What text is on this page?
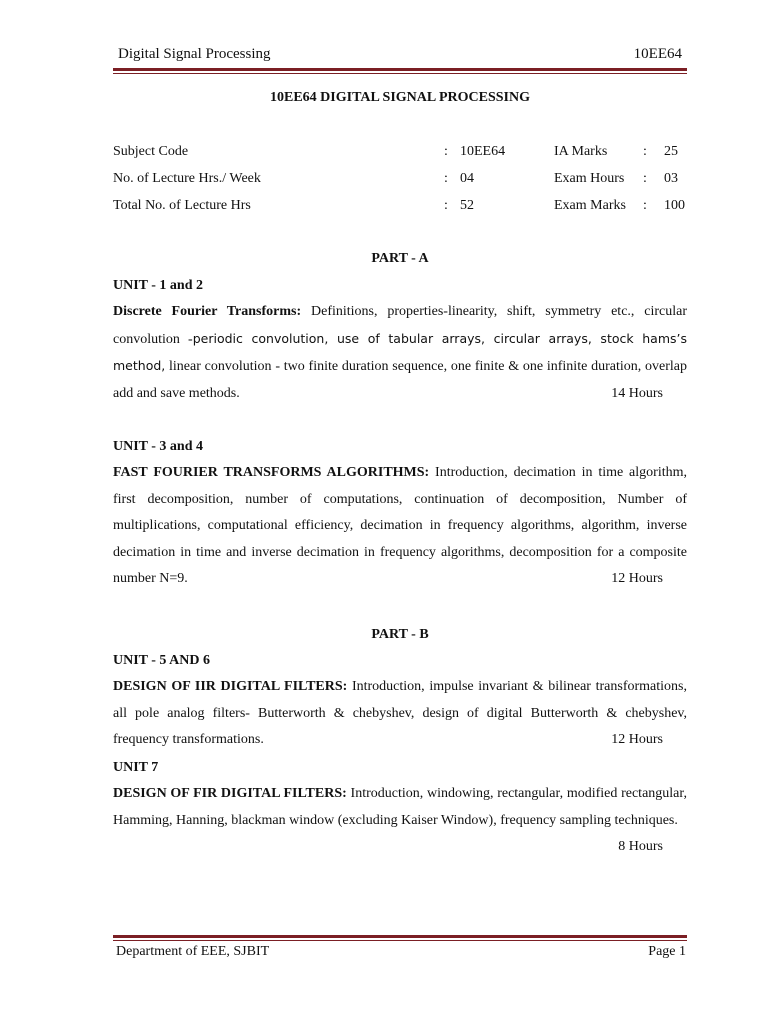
Digital Signal Processing	10EE64
10EE64 DIGITAL SIGNAL PROCESSING
Subject Code	: 10EE64	IA Marks	: 25
No. of Lecture Hrs./ Week	: 04	Exam Hours : 03
Total No. of Lecture Hrs	: 52	Exam Marks : 100
PART - A
UNIT - 1 and 2
Discrete Fourier Transforms: Definitions, properties-linearity, shift, symmetry etc., circular convolution -periodic convolution, use of tabular arrays, circular arrays, stock hams’s method, linear convolution - two finite duration sequence, one finite & one infinite duration, overlap add and save methods.	14 Hours
UNIT - 3 and 4
FAST FOURIER TRANSFORMS ALGORITHMS: Introduction, decimation in time algorithm, first decomposition, number of computations, continuation of decomposition, Number of multiplications, computational efficiency, decimation in frequency algorithms, algorithm, inverse decimation in time and inverse decimation in frequency algorithms, decomposition for a composite number N=9.	12 Hours
PART - B
UNIT - 5 AND 6
DESIGN OF IIR DIGITAL FILTERS: Introduction, impulse invariant & bilinear transformations, all pole analog filters- Butterworth & chebyshev, design of digital Butterworth & chebyshev, frequency transformations.	12 Hours
UNIT 7
DESIGN OF FIR DIGITAL FILTERS: Introduction, windowing, rectangular, modified rectangular, Hamming, Hanning, blackman window (excluding Kaiser Window), frequency sampling techniques.
8 Hours
Department of EEE, SJBIT	Page 1
